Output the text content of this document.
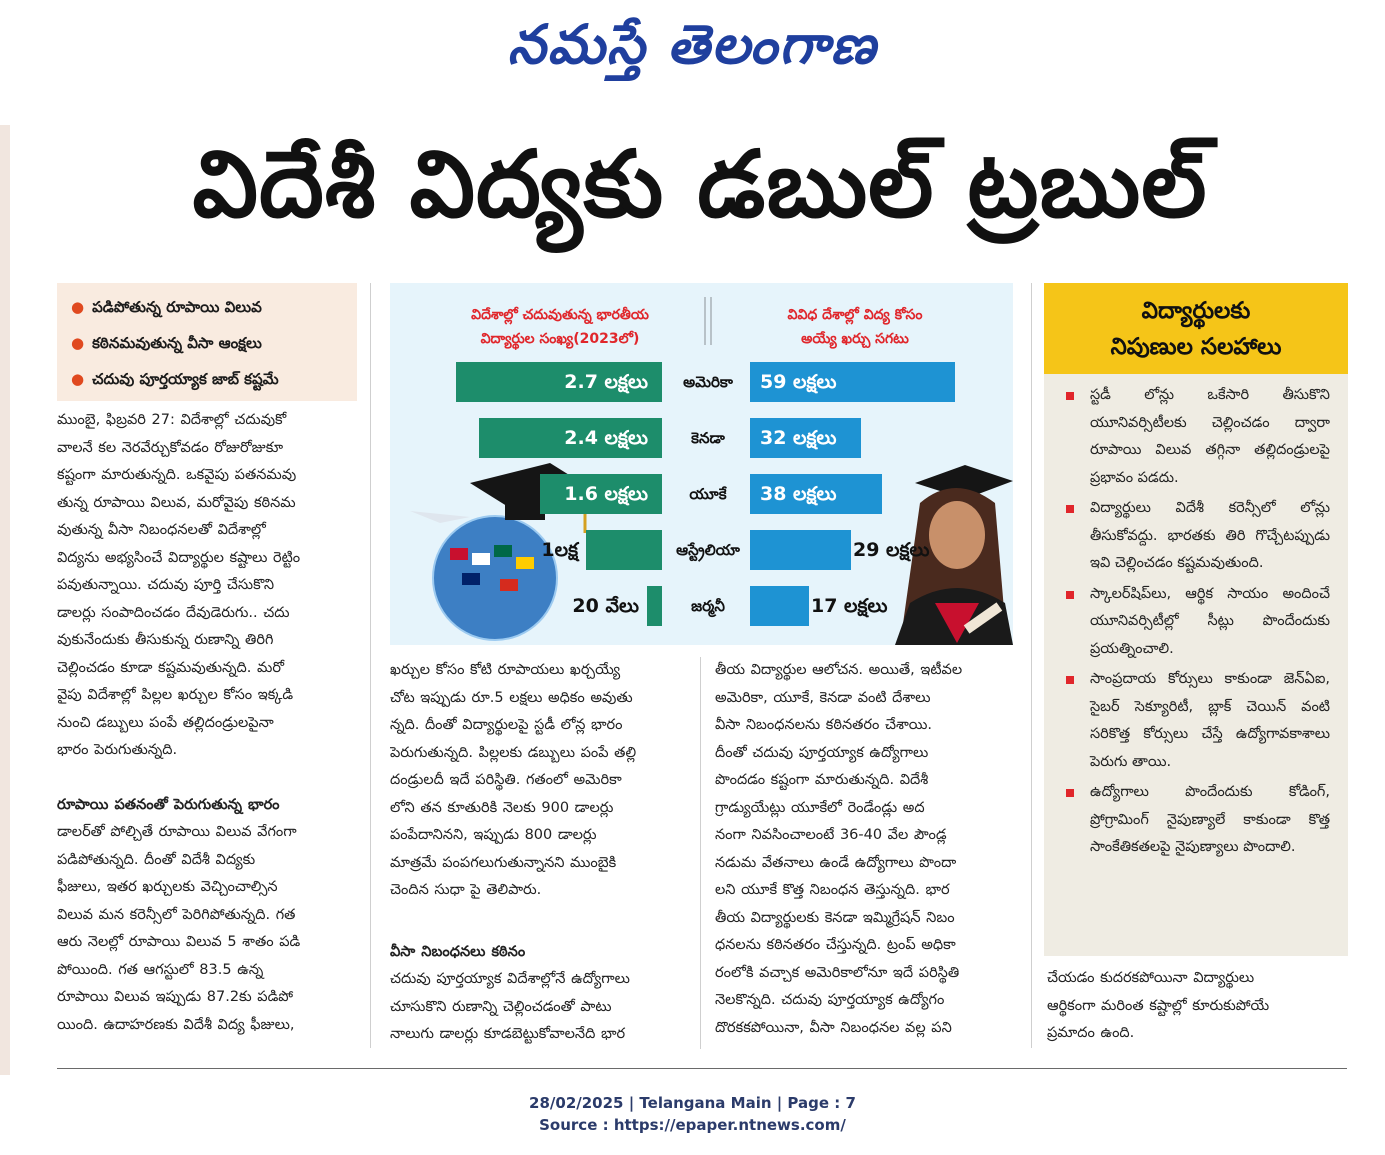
నమస్తే తెలంగాణ
విదేశీ విద్యకు డబుల్ ట్రబుల్
● పడిపోతున్న రూపాయి విలువ
● కఠినమవుతున్న వీసా ఆంక్షలు
● చదువు పూర్తయ్యాక జాబ్ కష్టమే

ముంబై, ఫిబ్రవరి 27: విదేశాల్లో చదువుకో

వాలనే కల నెరవేర్చుకోవడం రోజురోజుకూ

కష్టంగా మారుతున్నది. ఒకవైపు పతనమవు

తున్న రూపాయి విలువ, మరోవైపు కఠినమ

వుతున్న వీసా నిబంధనలతో విదేశాల్లో

విద్యను అభ్యసించే విద్యార్థుల కష్టాలు రెట్టిం

పవుతున్నాయి. చదువు పూర్తి చేసుకొని

డాలర్లు సంపాదించడం దేవుడెరుగు.. చదు

వుకునేందుకు తీసుకున్న రుణాన్ని తిరిగి

చెల్లించడం కూడా కష్టమవుతున్నది. మరో

వైపు విదేశాల్లో పిల్లల ఖర్చుల కోసం ఇక్కడి

నుంచి డబ్బులు పంపే తల్లిదండ్రులపైనా

భారం పెరుగుతున్నది.

రూపాయి పతనంతో పెరుగుతున్న భారం

డాలర్‌తో పోల్చితే రూపాయి విలువ వేగంగా

పడిపోతున్నది. దీంతో విదేశీ విద్యకు

ఫీజులు, ఇతర ఖర్చులకు వెచ్చించాల్సిన

విలువ మన కరెన్సీలో పెరిగిపోతున్నది. గత

ఆరు నెలల్లో రూపాయి విలువ 5 శాతం పడి

పోయింది. గత ఆగస్టులో 83.5 ఉన్న

రూపాయి విలువ ఇప్పుడు 87.2కు పడిపో

యింది. ఉదాహరణకు విదేశీ విద్య ఫీజులు,

విదేశాల్లో చదువుతున్న భారతీయ
విద్యార్థుల సంఖ్య(2023లో)
వివిధ దేశాల్లో విద్య కోసం
అయ్యే ఖర్చు సగటు
2.7 లక్షలు	అమెరికా	59 లక్షలు
2.4 లక్షలు	కెనడా	32 లక్షలు
1.6 లక్షలు	యూకే	38 లక్షలు
1లక్ష	ఆస్ట్రేలియా	29 లక్షలు
20 వేలు	జర్మనీ	17 లక్షలు

ఖర్చుల కోసం కోటి రూపాయలు ఖర్చయ్యే

చోట ఇప్పుడు రూ.5 లక్షలు అధికం అవుతు

న్నది. దీంతో విద్యార్థులపై స్టడీ లోన్ల భారం

పెరుగుతున్నది. పిల్లలకు డబ్బులు పంపే తల్లి

దండ్రులదీ ఇదే పరిస్థితి. గతంలో అమెరికా

లోని తన కూతురికి నెలకు 900 డాలర్లు

పంపేదానినని, ఇప్పుడు 800 డాలర్లు

మాత్రమే పంపగలుగుతున్నానని ముంబైకి

చెందిన సుధా పై తెలిపారు.

వీసా నిబంధనలు కఠినం

చదువు పూర్తయ్యాక విదేశాల్లోనే ఉద్యోగాలు

చూసుకొని రుణాన్ని చెల్లించడంతో పాటు

నాలుగు డాలర్లు కూడబెట్టుకోవాలనేది భార

తీయ విద్యార్థుల ఆలోచన. అయితే, ఇటీవల

అమెరికా, యూకే, కెనడా వంటి దేశాలు

వీసా నిబంధనలను కఠినతరం చేశాయి.

దీంతో చదువు పూర్తయ్యాక ఉద్యోగాలు

పొందడం కష్టంగా మారుతున్నది. విదేశీ

గ్రాడ్యుయేట్లు యూకేలో రెండేండ్లు అద

నంగా నివసించాలంటే 36-40 వేల పౌండ్ల

నడుమ వేతనాలు ఉండే ఉద్యోగాలు పొందా

లని యూకే కొత్త నిబంధన తెస్తున్నది. భార

తీయ విద్యార్థులకు కెనడా ఇమ్మిగ్రేషన్ నిబం

ధనలను కఠినతరం చేస్తున్నది. ట్రంప్ అధికా

రంలోకి వచ్చాక అమెరికాలోనూ ఇదే పరిస్థితి

నెలకొన్నది. చదువు పూర్తయ్యాక ఉద్యోగం

దొరకకపోయినా, వీసా నిబంధనల వల్ల పని

విద్యార్థులకు
నిపుణుల సలహాలు
స్టడీ లోన్లు ఒకేసారి తీసుకొని యూనివర్సిటీలకు చెల్లించడం ద్వారా రూపాయి విలువ తగ్గినా తల్లిదండ్రులపై ప్రభావం పడదు.
విద్యార్థులు విదేశీ కరెన్సీలో లోన్లు తీసుకోవద్దు. భారతకు తిరి గొచ్చేటప్పుడు ఇవి చెల్లించడం కష్టమవుతుంది.
స్కాలర్‌షిప్‌లు, ఆర్థిక సాయం అందించే యూనివర్సిటీల్లో సీట్లు పొందేందుకు ప్రయత్నించాలి.
సాంప్రదాయ కోర్సులు కాకుండా జెన్‌ఏఐ, సైబర్ సెక్యూరిటీ, బ్లాక్ చెయిన్ వంటి సరికొత్త కోర్సులు చేస్తే ఉద్యోగావకాశాలు పెరుగు తాయి.
ఉద్యోగాలు పొందేందుకు కోడింగ్, ప్రోగ్రామింగ్ నైపుణ్యాలే కాకుండా కొత్త సాంకేతికతలపై నైపుణ్యాలు పొందాలి.

చేయడం కుదరకపోయినా విద్యార్థులు

ఆర్థికంగా మరింత కష్టాల్లో కూరుకుపోయే

ప్రమాదం ఉంది.

28/02/2025 | Telangana Main | Page : 7
Source : https://epaper.ntnews.com/
